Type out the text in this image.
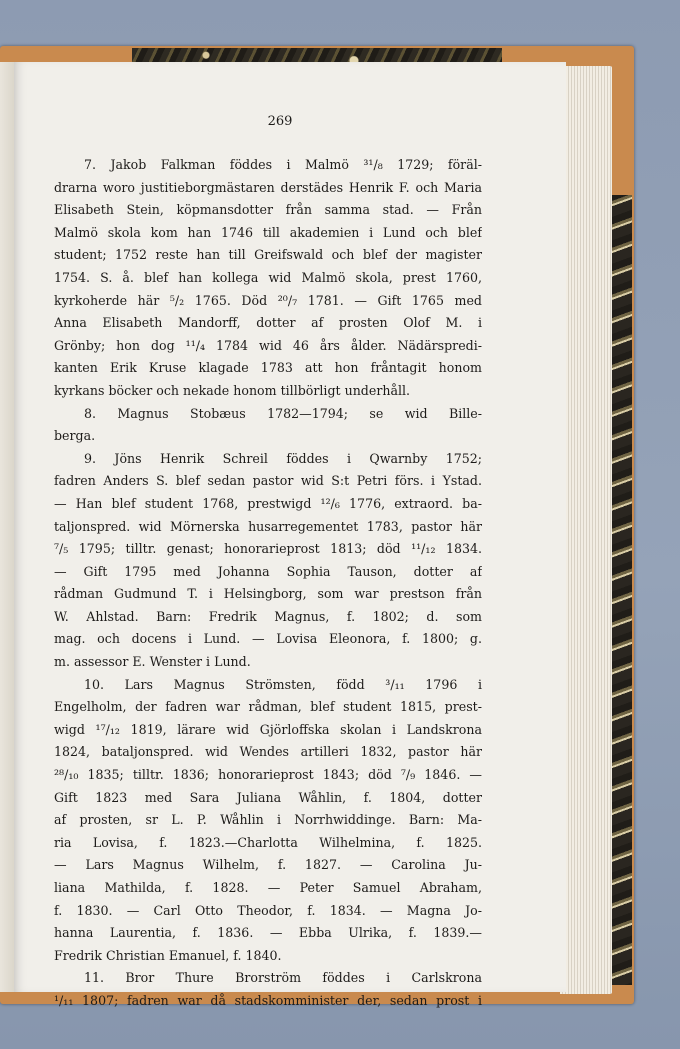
269
7. Jakob Falkman föddes i Malmö ³¹/₈ 1729; föräl-
drarna woro justitieborgmästaren derstädes Henrik F. och Maria
Elisabeth Stein, köpmansdotter från samma stad. — Från
Malmö skola kom han 1746 till akademien i Lund och blef
student; 1752 reste han till Greifswald och blef der magister
1754. S. å. blef han kollega wid Malmö skola, prest 1760,
kyrkoherde här ⁵/₂ 1765. Död ²⁰/₇ 1781. — Gift 1765 med
Anna Elisabeth Mandorff, dotter af prosten Olof M. i
Grönby; hon dog ¹¹/₄ 1784 wid 46 års ålder. Nädärspredi-
kanten Erik Kruse klagade 1783 att hon fråntagit honom
kyrkans böcker och nekade honom tillbörligt underhåll.
8. Magnus Stobæus 1782—1794; se wid Bille-
berga.
9. Jöns Henrik Schreil föddes i Qwarnby 1752;
fadren Anders S. blef sedan pastor wid S:t Petri förs. i Ystad.
— Han blef student 1768, prestwigd ¹²/₆ 1776, extraord. ba-
taljonspred. wid Mörnerska husarregementet 1783, pastor här
⁷/₅ 1795; tilltr. genast; honorarieprost 1813; död ¹¹/₁₂ 1834.
— Gift 1795 med Johanna Sophia Tauson, dotter af
rådman Gudmund T. i Helsingborg, som war prestson från
W. Ahlstad. Barn: Fredrik Magnus, f. 1802; d. som
mag. och docens i Lund. — Lovisa Eleonora, f. 1800; g.
m. assessor E. Wenster i Lund.
10. Lars Magnus Strömsten, född ³/₁₁ 1796 i
Engelholm, der fadren war rådman, blef student 1815, prest-
wigd ¹⁷/₁₂ 1819, lärare wid Gjörloffska skolan i Landskrona
1824, bataljonspred. wid Wendes artilleri 1832, pastor här
²⁸/₁₀ 1835; tilltr. 1836; honorarieprost 1843; död ⁷/₉ 1846. —
Gift 1823 med Sara Juliana Wåhlin, f. 1804, dotter
af prosten, sr L. P. Wåhlin i Norrhwiddinge. Barn: Ma-
ria Lovisa, f. 1823.—Charlotta Wilhelmina, f. 1825.
— Lars Magnus Wilhelm, f. 1827. — Carolina Ju-
liana Mathilda, f. 1828. — Peter Samuel Abraham,
f. 1830. — Carl Otto Theodor, f. 1834. — Magna Jo-
hanna Laurentia, f. 1836. — Ebba Ulrika, f. 1839.—
Fredrik Christian Emanuel, f. 1840.
11. Bror Thure Brorström föddes i Carlskrona
¹/₁₁ 1807; fadren war då stadskomminister der, sedan prost i
